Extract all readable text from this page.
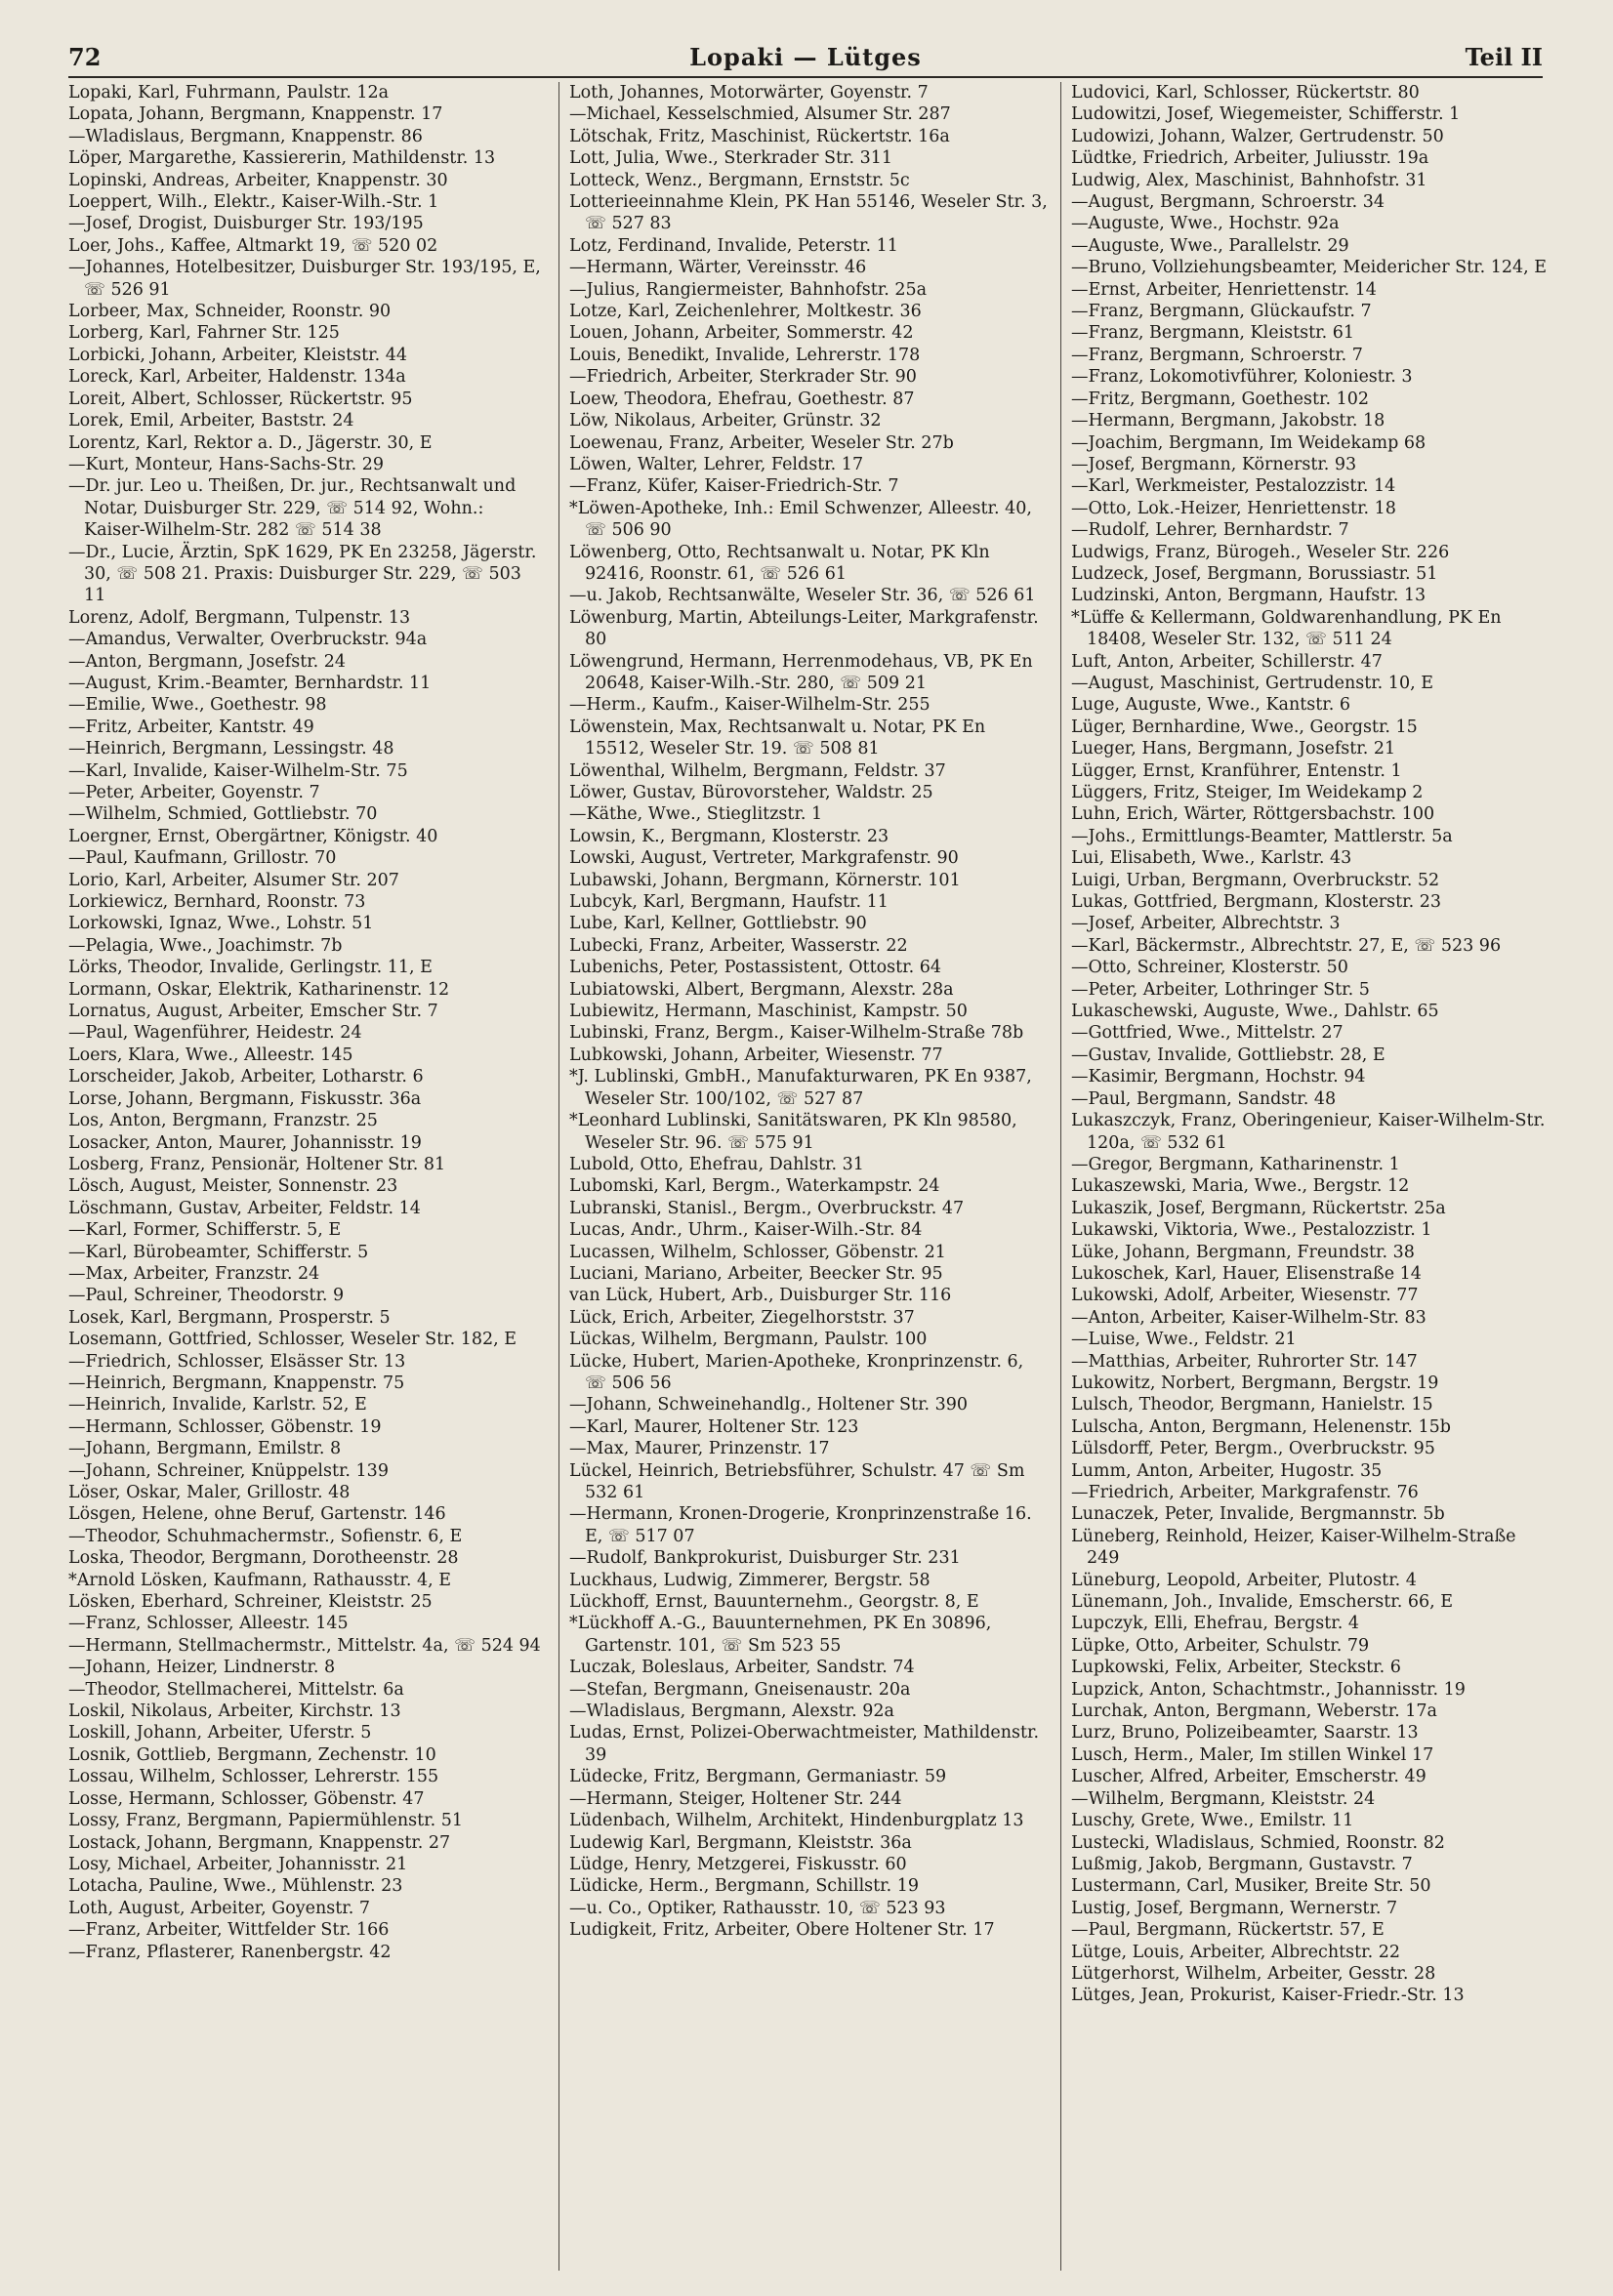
72	Lopaki — Lütges	Teil II

Lopaki, Karl, Fuhrmann, Paulstr. 12a

Lopata, Johann, Bergmann, Knappenstr. 17

—Wladislaus, Bergmann, Knappenstr. 86

Löper, Margarethe, Kassiererin, Mathildenstr. 13

Lopinski, Andreas, Arbeiter, Knappenstr. 30

Loeppert, Wilh., Elektr., Kaiser-Wilh.-Str. 1

—Josef, Drogist, Duisburger Str. 193/195

Loer, Johs., Kaffee, Altmarkt 19, ☏ 520 02

—Johannes, Hotelbesitzer, Duisburger Str. 193/195, E, ☏ 526 91

Lorbeer, Max, Schneider, Roonstr. 90

Lorberg, Karl, Fahrner Str. 125

Lorbicki, Johann, Arbeiter, Kleiststr. 44

Loreck, Karl, Arbeiter, Haldenstr. 134a

Loreit, Albert, Schlosser, Rückertstr. 95

Lorek, Emil, Arbeiter, Baststr. 24

Lorentz, Karl, Rektor a. D., Jägerstr. 30, E

—Kurt, Monteur, Hans-Sachs-Str. 29

—Dr. jur. Leo u. Theißen, Dr. jur., Rechtsanwalt und Notar, Duisburger Str. 229, ☏ 514 92, Wohn.: Kaiser-Wilhelm-Str. 282 ☏ 514 38

—Dr., Lucie, Ärztin, SpK 1629, PK En 23258, Jägerstr. 30, ☏ 508 21. Praxis: Duisburger Str. 229, ☏ 503 11

Lorenz, Adolf, Bergmann, Tulpenstr. 13

—Amandus, Verwalter, Overbruckstr. 94a

—Anton, Bergmann, Josefstr. 24

—August, Krim.-Beamter, Bernhardstr. 11

—Emilie, Wwe., Goethestr. 98

—Fritz, Arbeiter, Kantstr. 49

—Heinrich, Bergmann, Lessingstr. 48

—Karl, Invalide, Kaiser-Wilhelm-Str. 75

—Peter, Arbeiter, Goyenstr. 7

—Wilhelm, Schmied, Gottliebstr. 70

Loergner, Ernst, Obergärtner, Königstr. 40

—Paul, Kaufmann, Grillostr. 70

Lorio, Karl, Arbeiter, Alsumer Str. 207

Lorkiewicz, Bernhard, Roonstr. 73

Lorkowski, Ignaz, Wwe., Lohstr. 51

—Pelagia, Wwe., Joachimstr. 7b

Lörks, Theodor, Invalide, Gerlingstr. 11, E

Lormann, Oskar, Elektrik, Katharinenstr. 12

Lornatus, August, Arbeiter, Emscher Str. 7

—Paul, Wagenführer, Heidestr. 24

Loers, Klara, Wwe., Alleestr. 145

Lorscheider, Jakob, Arbeiter, Lotharstr. 6

Lorse, Johann, Bergmann, Fiskusstr. 36a

Los, Anton, Bergmann, Franzstr. 25

Losacker, Anton, Maurer, Johannisstr. 19

Losberg, Franz, Pensionär, Holtener Str. 81

Lösch, August, Meister, Sonnenstr. 23

Löschmann, Gustav, Arbeiter, Feldstr. 14

—Karl, Former, Schifferstr. 5, E

—Karl, Bürobeamter, Schifferstr. 5

—Max, Arbeiter, Franzstr. 24

—Paul, Schreiner, Theodorstr. 9

Losek, Karl, Bergmann, Prosperstr. 5

Losemann, Gottfried, Schlosser, Weseler Str. 182, E

—Friedrich, Schlosser, Elsässer Str. 13

—Heinrich, Bergmann, Knappenstr. 75

—Heinrich, Invalide, Karlstr. 52, E

—Hermann, Schlosser, Göbenstr. 19

—Johann, Bergmann, Emilstr. 8

—Johann, Schreiner, Knüppelstr. 139

Löser, Oskar, Maler, Grillostr. 48

Lösgen, Helene, ohne Beruf, Gartenstr. 146

—Theodor, Schuhmachermstr., Sofienstr. 6, E

Loska, Theodor, Bergmann, Dorotheenstr. 28

*Arnold Lösken, Kaufmann, Rathausstr. 4, E

Lösken, Eberhard, Schreiner, Kleiststr. 25

—Franz, Schlosser, Alleestr. 145

—Hermann, Stellmachermstr., Mittelstr. 4a, ☏ 524 94

—Johann, Heizer, Lindnerstr. 8

—Theodor, Stellmacherei, Mittelstr. 6a

Loskil, Nikolaus, Arbeiter, Kirchstr. 13

Loskill, Johann, Arbeiter, Uferstr. 5

Losnik, Gottlieb, Bergmann, Zechenstr. 10

Lossau, Wilhelm, Schlosser, Lehrerstr. 155

Losse, Hermann, Schlosser, Göbenstr. 47

Lossy, Franz, Bergmann, Papiermühlenstr. 51

Lostack, Johann, Bergmann, Knappenstr. 27

Losy, Michael, Arbeiter, Johannisstr. 21

Lotacha, Pauline, Wwe., Mühlenstr. 23

Loth, August, Arbeiter, Goyenstr. 7

—Franz, Arbeiter, Wittfelder Str. 166

—Franz, Pflasterer, Ranenbergstr. 42

Loth, Johannes, Motorwärter, Goyenstr. 7

—Michael, Kesselschmied, Alsumer Str. 287

Lötschak, Fritz, Maschinist, Rückertstr. 16a

Lott, Julia, Wwe., Sterkrader Str. 311

Lotteck, Wenz., Bergmann, Ernststr. 5c

Lotterieeinnahme Klein, PK Han 55146, Weseler Str. 3, ☏ 527 83

Lotz, Ferdinand, Invalide, Peterstr. 11

—Hermann, Wärter, Vereinsstr. 46

—Julius, Rangiermeister, Bahnhofstr. 25a

Lotze, Karl, Zeichenlehrer, Moltkestr. 36

Louen, Johann, Arbeiter, Sommerstr. 42

Louis, Benedikt, Invalide, Lehrerstr. 178

—Friedrich, Arbeiter, Sterkrader Str. 90

Loew, Theodora, Ehefrau, Goethestr. 87

Löw, Nikolaus, Arbeiter, Grünstr. 32

Loewenau, Franz, Arbeiter, Weseler Str. 27b

Löwen, Walter, Lehrer, Feldstr. 17

—Franz, Küfer, Kaiser-Friedrich-Str. 7

*Löwen-Apotheke, Inh.: Emil Schwenzer, Alleestr. 40, ☏ 506 90

Löwenberg, Otto, Rechtsanwalt u. Notar, PK Kln 92416, Roonstr. 61, ☏ 526 61

—u. Jakob, Rechtsanwälte, Weseler Str. 36, ☏ 526 61

Löwenburg, Martin, Abteilungs-Leiter, Markgrafenstr. 80

Löwengrund, Hermann, Herrenmodehaus, VB, PK En 20648, Kaiser-Wilh.-Str. 280, ☏ 509 21

—Herm., Kaufm., Kaiser-Wilhelm-Str. 255

Löwenstein, Max, Rechtsanwalt u. Notar, PK En 15512, Weseler Str. 19. ☏ 508 81

Löwenthal, Wilhelm, Bergmann, Feldstr. 37

Löwer, Gustav, Bürovorsteher, Waldstr. 25

—Käthe, Wwe., Stieglitzstr. 1

Lowsin, K., Bergmann, Klosterstr. 23

Lowski, August, Vertreter, Markgrafenstr. 90

Lubawski, Johann, Bergmann, Körnerstr. 101

Lubcyk, Karl, Bergmann, Haufstr. 11

Lube, Karl, Kellner, Gottliebstr. 90

Lubecki, Franz, Arbeiter, Wasserstr. 22

Lubenichs, Peter, Postassistent, Ottostr. 64

Lubiatowski, Albert, Bergmann, Alexstr. 28a

Lubiewitz, Hermann, Maschinist, Kampstr. 50

Lubinski, Franz, Bergm., Kaiser-Wilhelm-Straße 78b

Lubkowski, Johann, Arbeiter, Wiesenstr. 77

*J. Lublinski, GmbH., Manufakturwaren, PK En 9387, Weseler Str. 100/102, ☏ 527 87

*Leonhard Lublinski, Sanitätswaren, PK Kln 98580, Weseler Str. 96. ☏ 575 91

Lubold, Otto, Ehefrau, Dahlstr. 31

Lubomski, Karl, Bergm., Waterkampstr. 24

Lubranski, Stanisl., Bergm., Overbruckstr. 47

Lucas, Andr., Uhrm., Kaiser-Wilh.-Str. 84

Lucassen, Wilhelm, Schlosser, Göbenstr. 21

Luciani, Mariano, Arbeiter, Beecker Str. 95

van Lück, Hubert, Arb., Duisburger Str. 116

Lück, Erich, Arbeiter, Ziegelhorststr. 37

Lückas, Wilhelm, Bergmann, Paulstr. 100

Lücke, Hubert, Marien-Apotheke, Kronprinzenstr. 6, ☏ 506 56

—Johann, Schweinehandlg., Holtener Str. 390

—Karl, Maurer, Holtener Str. 123

—Max, Maurer, Prinzenstr. 17

Lückel, Heinrich, Betriebsführer, Schulstr. 47 ☏ Sm 532 61

—Hermann, Kronen-Drogerie, Kronprinzenstraße 16. E, ☏ 517 07

—Rudolf, Bankprokurist, Duisburger Str. 231

Luckhaus, Ludwig, Zimmerer, Bergstr. 58

Lückhoff, Ernst, Bauunternehm., Georgstr. 8, E

*Lückhoff A.-G., Bauunternehmen, PK En 30896, Gartenstr. 101, ☏ Sm 523 55

Luczak, Boleslaus, Arbeiter, Sandstr. 74

—Stefan, Bergmann, Gneisenaustr. 20a

—Wladislaus, Bergmann, Alexstr. 92a

Ludas, Ernst, Polizei-Oberwachtmeister, Mathildenstr. 39

Lüdecke, Fritz, Bergmann, Germaniastr. 59

—Hermann, Steiger, Holtener Str. 244

Lüdenbach, Wilhelm, Architekt, Hindenburgplatz 13

Ludewig Karl, Bergmann, Kleiststr. 36a

Lüdge, Henry, Metzgerei, Fiskusstr. 60

Lüdicke, Herm., Bergmann, Schillstr. 19

—u. Co., Optiker, Rathausstr. 10, ☏ 523 93

Ludigkeit, Fritz, Arbeiter, Obere Holtener Str. 17

Ludovici, Karl, Schlosser, Rückertstr. 80

Ludowitzi, Josef, Wiegemeister, Schifferstr. 1

Ludowizi, Johann, Walzer, Gertrudenstr. 50

Lüdtke, Friedrich, Arbeiter, Juliusstr. 19a

Ludwig, Alex, Maschinist, Bahnhofstr. 31

—August, Bergmann, Schroerstr. 34

—Auguste, Wwe., Hochstr. 92a

—Auguste, Wwe., Parallelstr. 29

—Bruno, Vollziehungsbeamter, Meidericher Str. 124, E

—Ernst, Arbeiter, Henriettenstr. 14

—Franz, Bergmann, Glückaufstr. 7

—Franz, Bergmann, Kleiststr. 61

—Franz, Bergmann, Schroerstr. 7

—Franz, Lokomotivführer, Koloniestr. 3

—Fritz, Bergmann, Goethestr. 102

—Hermann, Bergmann, Jakobstr. 18

—Joachim, Bergmann, Im Weidekamp 68

—Josef, Bergmann, Körnerstr. 93

—Karl, Werkmeister, Pestalozzistr. 14

—Otto, Lok.-Heizer, Henriettenstr. 18

—Rudolf, Lehrer, Bernhardstr. 7

Ludwigs, Franz, Bürogeh., Weseler Str. 226

Ludzeck, Josef, Bergmann, Borussiastr. 51

Ludzinski, Anton, Bergmann, Haufstr. 13

*Lüffe & Kellermann, Goldwarenhandlung, PK En 18408, Weseler Str. 132, ☏ 511 24

Luft, Anton, Arbeiter, Schillerstr. 47

—August, Maschinist, Gertrudenstr. 10, E

Luge, Auguste, Wwe., Kantstr. 6

Lüger, Bernhardine, Wwe., Georgstr. 15

Lueger, Hans, Bergmann, Josefstr. 21

Lügger, Ernst, Kranführer, Entenstr. 1

Lüggers, Fritz, Steiger, Im Weidekamp 2

Luhn, Erich, Wärter, Röttgersbachstr. 100

—Johs., Ermittlungs-Beamter, Mattlerstr. 5a

Lui, Elisabeth, Wwe., Karlstr. 43

Luigi, Urban, Bergmann, Overbruckstr. 52

Lukas, Gottfried, Bergmann, Klosterstr. 23

—Josef, Arbeiter, Albrechtstr. 3

—Karl, Bäckermstr., Albrechtstr. 27, E, ☏ 523 96

—Otto, Schreiner, Klosterstr. 50

—Peter, Arbeiter, Lothringer Str. 5

Lukaschewski, Auguste, Wwe., Dahlstr. 65

—Gottfried, Wwe., Mittelstr. 27

—Gustav, Invalide, Gottliebstr. 28, E

—Kasimir, Bergmann, Hochstr. 94

—Paul, Bergmann, Sandstr. 48

Lukaszczyk, Franz, Oberingenieur, Kaiser-Wilhelm-Str. 120a, ☏ 532 61

—Gregor, Bergmann, Katharinenstr. 1

Lukaszewski, Maria, Wwe., Bergstr. 12

Lukaszik, Josef, Bergmann, Rückertstr. 25a

Lukawski, Viktoria, Wwe., Pestalozzistr. 1

Lüke, Johann, Bergmann, Freundstr. 38

Lukoschek, Karl, Hauer, Elisenstraße 14

Lukowski, Adolf, Arbeiter, Wiesenstr. 77

—Anton, Arbeiter, Kaiser-Wilhelm-Str. 83

—Luise, Wwe., Feldstr. 21

—Matthias, Arbeiter, Ruhrorter Str. 147

Lukowitz, Norbert, Bergmann, Bergstr. 19

Lulsch, Theodor, Bergmann, Hanielstr. 15

Lulscha, Anton, Bergmann, Helenenstr. 15b

Lülsdorff, Peter, Bergm., Overbruckstr. 95

Lumm, Anton, Arbeiter, Hugostr. 35

—Friedrich, Arbeiter, Markgrafenstr. 76

Lunaczek, Peter, Invalide, Bergmannstr. 5b

Lüneberg, Reinhold, Heizer, Kaiser-Wilhelm-Straße 249

Lüneburg, Leopold, Arbeiter, Plutostr. 4

Lünemann, Joh., Invalide, Emscherstr. 66, E

Lupczyk, Elli, Ehefrau, Bergstr. 4

Lüpke, Otto, Arbeiter, Schulstr. 79

Lupkowski, Felix, Arbeiter, Steckstr. 6

Lupzick, Anton, Schachtmstr., Johannisstr. 19

Lurchak, Anton, Bergmann, Weberstr. 17a

Lurz, Bruno, Polizeibeamter, Saarstr. 13

Lusch, Herm., Maler, Im stillen Winkel 17

Luscher, Alfred, Arbeiter, Emscherstr. 49

—Wilhelm, Bergmann, Kleiststr. 24

Luschy, Grete, Wwe., Emilstr. 11

Lustecki, Wladislaus, Schmied, Roonstr. 82

Lußmig, Jakob, Bergmann, Gustavstr. 7

Lustermann, Carl, Musiker, Breite Str. 50

Lustig, Josef, Bergmann, Wernerstr. 7

—Paul, Bergmann, Rückertstr. 57, E

Lütge, Louis, Arbeiter, Albrechtstr. 22

Lütgerhorst, Wilhelm, Arbeiter, Gesstr. 28

Lütges, Jean, Prokurist, Kaiser-Friedr.-Str. 13
